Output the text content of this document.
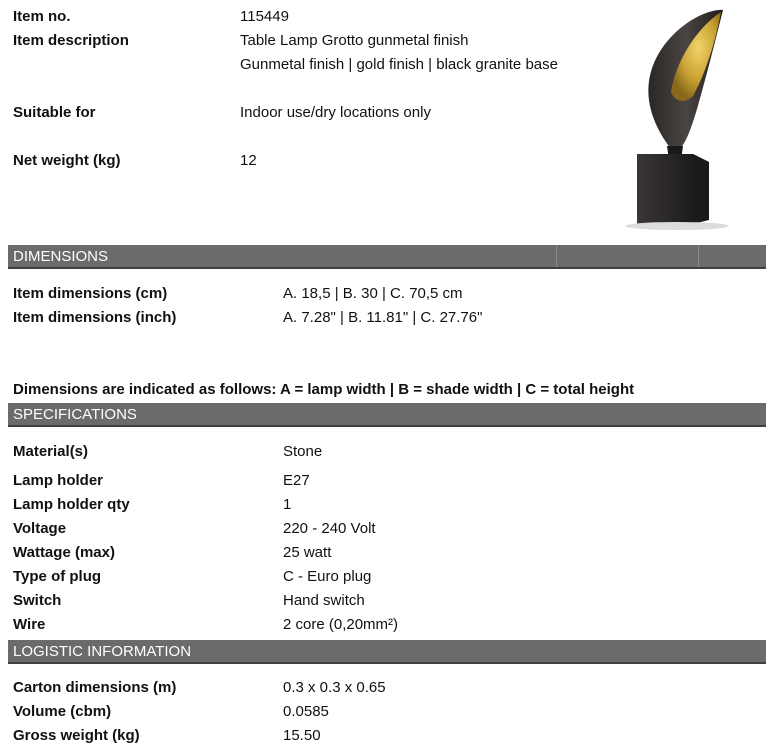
Item no.	115449
Item description	Table Lamp Grotto gunmetal finish
Gunmetal finish | gold finish | black granite base
Suitable for	Indoor use/dry locations only
Net weight (kg)	12
DIMENSIONS
Item dimensions (cm)	A. 18,5 | B. 30 | C. 70,5 cm
Item dimensions (inch)	A. 7.28" | B. 11.81" | C. 27.76"
Dimensions are indicated as follows: A = lamp width | B = shade width | C = total height
SPECIFICATIONS
Material(s)	Stone
Lamp holder	E27
Lamp holder qty	1
Voltage	220 - 240 Volt
Wattage (max)	25 watt
Type of plug	C - Euro plug
Switch	Hand switch
Wire	2 core (0,20mm²)
LOGISTIC INFORMATION
Carton dimensions (m)	0.3 x 0.3 x 0.65
Volume (cbm)	0.0585
Gross weight (kg)	15.50
